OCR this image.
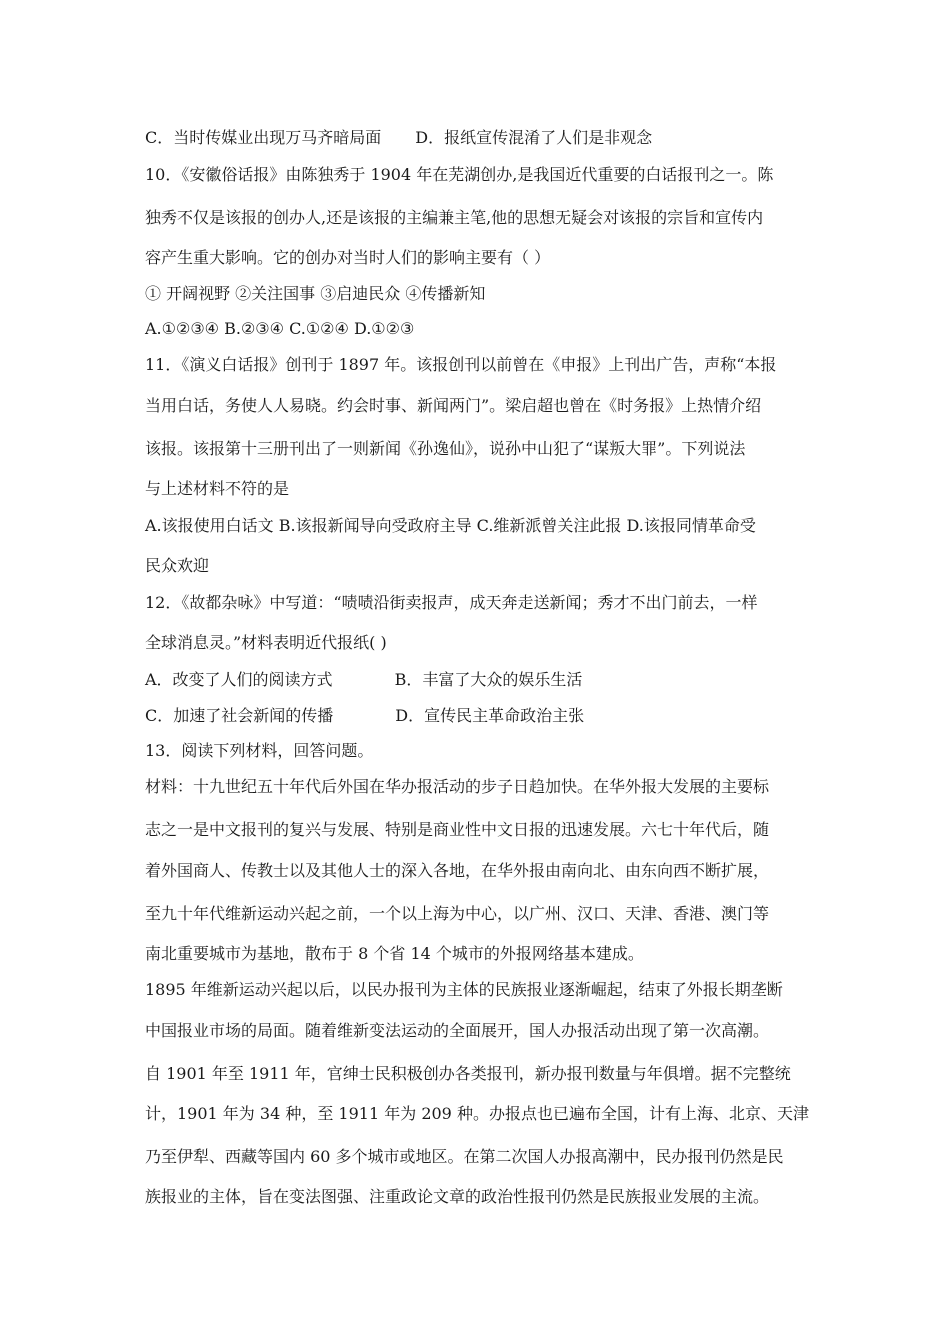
C．当时传媒业出现万马齐暗局面 D．报纸宣传混淆了人们是非观念
10．《安徽俗话报》由陈独秀于 1904 年在芜湖创办,是我国近代重要的白话报刊之一。陈
独秀不仅是该报的创办人,还是该报的主编兼主笔,他的思想无疑会对该报的宗旨和宣传内
容产生重大影响。它的创办对当时人们的影响主要有（ ）
① 开阔视野 ②关注国事 ③启迪民众 ④传播新知
A.①②③④ B.②③④ C.①②④ D.①②③
11．《演义白话报》创刊于 1897 年。该报创刊以前曾在《申报》上刊出广告，声称“本报
当用白话，务使人人易晓。约会时事、新闻两门”。梁启超也曾在《时务报》上热情介绍
该报。该报第十三册刊出了一则新闻《孙逸仙》，说孙中山犯了“谋叛大罪”。下列说法
与上述材料不符的是
A.该报使用白话文 B.该报新闻导向受政府主导 C.维新派曾关注此报 D.该报同情革命受
民众欢迎
12．《故都杂咏》中写道：“啧啧沿街卖报声，成天奔走送新闻；秀才不出门前去，一样
全球消息灵。”材料表明近代报纸( )
A．改变了人们的阅读方式	B．丰富了大众的娱乐生活
C．加速了社会新闻的传播	D．宣传民主革命政治主张
13．阅读下列材料，回答问题。
材料：十九世纪五十年代后外国在华办报活动的步子日趋加快。在华外报大发展的主要标
志之一是中文报刊的复兴与发展、特别是商业性中文日报的迅速发展。六七十年代后，随
着外国商人、传教士以及其他人士的深入各地，在华外报由南向北、由东向西不断扩展，
至九十年代维新运动兴起之前，一个以上海为中心，以广州、汉口、天津、香港、澳门等
南北重要城市为基地，散布于 8 个省 14 个城市的外报网络基本建成。
1895 年维新运动兴起以后，以民办报刊为主体的民族报业逐渐崛起，结束了外报长期垄断
中国报业市场的局面。随着维新变法运动的全面展开，国人办报活动出现了第一次高潮。
自 1901 年至 1911 年，官绅士民积极创办各类报刊，新办报刊数量与年俱增。据不完整统
计，1901 年为 34 种，至 1911 年为 209 种。办报点也已遍布全国，计有上海、北京、天津
乃至伊犁、西藏等国内 60 多个城市或地区。在第二次国人办报高潮中，民办报刊仍然是民
族报业的主体，旨在变法图强、注重政论文章的政治性报刊仍然是民族报业发展的主流。
